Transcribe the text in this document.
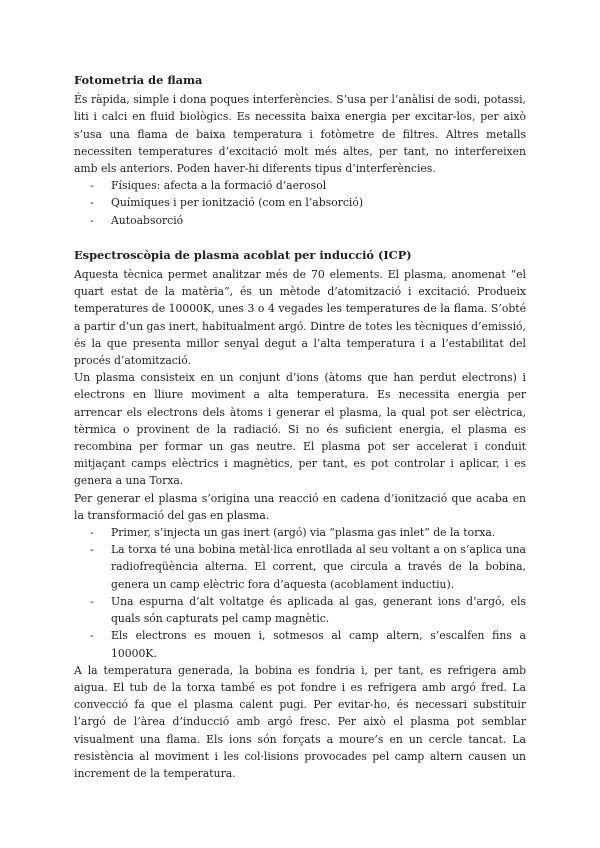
Fotometria de flama

És ràpida, simple i dona poques interferències. S’usa per l’anàlisi de sodi, potassi, liti i calci en fluid biològics. Es necessita baixa energia per excitar-los, per això s’usa una flama de baixa temperatura i fotòmetre de filtres. Altres metalls necessiten temperatures d’excitació molt més altes, per tant, no interfereixen amb els anteriors. Poden haver-hi diferents tipus d’interferències.

- Físiques: afecta a la formació d’aerosol
- Químiques i per ionització (com en l’absorció)
- Autoabsorció
Espectroscòpia de plasma acoblat per inducció (ICP)

Aquesta tècnica permet analitzar més de 70 elements. El plasma, anomenat “el quart estat de la matèria”, és un mètode d’atomització i excitació. Produeix temperatures de 10000K, unes 3 o 4 vegades les temperatures de la flama. S’obté a partir d’un gas inert, habitualment argó. Dintre de totes les tècniques d’emissió, és la que presenta millor senyal degut a l’alta temperatura i a l’estabilitat del procés d’atomització.

Un plasma consisteix en un conjunt d’ions (àtoms que han perdut electrons) i electrons en lliure moviment a alta temperatura. Es necessita energia per arrencar els electrons dels àtoms i generar el plasma, la qual pot ser elèctrica, tèrmica o provinent de la radiació. Si no és suficient energia, el plasma es recombina per formar un gas neutre. El plasma pot ser accelerat i conduit mitjaçant camps elèctrics i magnètics, per tant, es pot controlar i aplicar, i es genera a una Torxa.

Per generar el plasma s’origina una reacció en cadena d’ionització que acaba en la transformació del gas en plasma.

- Primer, s’injecta un gas inert (argó) via “plasma gas inlet” de la torxa.
- La torxa té una bobina metàl·lica enrotllada al seu voltant a on s’aplica una radiofreqüència alterna. El corrent, que circula a través de la bobina, genera un camp elèctric fora d’aquesta (acoblament inductiu).
- Una espurna d’alt voltatge és aplicada al gas, generant ions d’argó, els quals són capturats pel camp magnètic.
- Els electrons es mouen i, sotmesos al camp altern, s’escalfen fins a 10000K.

A la temperatura generada, la bobina es fondria i, per tant, es refrigera amb aigua. El tub de la torxa també es pot fondre i es refrigera amb argó fred. La convecció fa que el plasma calent pugi. Per evitar-ho, és necessari substituir l’argó de l’àrea d’inducció amb argó fresc. Per això el plasma pot semblar visualment una flama. Els ions són forçats a moure’s en un cercle tancat. La resistència al moviment i les col·lisions provocades pel camp altern causen un increment de la temperatura.
